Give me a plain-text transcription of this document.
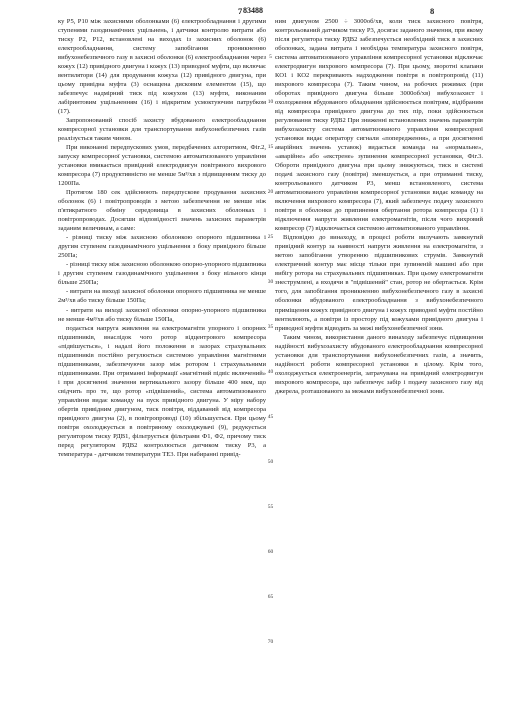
7 83488	8

ку Р5, Р10 між захисними оболонками (6) електрообладнання і другими ступенями газодинамічних ущільнень, і датчики контролю витрати або тиску Р2, Р12, встановлені на виходах із захисних оболонок (6) електрообладнання, систему запобігання проникненню вибухонебезпечного газу в захисні оболонки (6) електрообладнання через кожух (12) привідного двигуна і кожух (13) приводної муфти, що включає вентилятори (14) для продування кожуха (12) привідного двигуна, при цьому привідна муфта (3) оснащена дисковим елементом (15), що забезпечує надмірний тиск під кожухом (13) муфти, виконаним лабіринтовим ущільненням (16) і відкритим усмоктуючим патрубком (17).

Запропонований спосіб захисту вбудованого електрообладнання компресорної установки для транспортування вибухонебезпечних газів реалізується таким чином.

При виконанні передпускових умов, передбачених алгоритмом, Фіг.2, запуску компресорної установки, системою автоматизованого управління установки вмикається привідний електродвигун повітряного вихрового компресора (7) продуктивністю не менше 5м³/хв з підвищенням тиску до 1200Па.

Протягом 180 сек здійснюють передпускове продування захисних оболонок (6) і повітропроводів з метою забезпечення не менше ніж п'ятикратного обміну середовища в захисних оболонках і повітропроводах. Досягши відповідності значень захисних параметрів заданим величинам, а саме:

- різниці тиску між захисною оболонкою опорного підшипника і другим ступенем газодинамічного ущільнення з боку привідного більше 250Па;

- різниці тиску між захисною оболонкою опорно-упорного підшипника і другим ступенем газодинамічного ущільнення з боку вільного кінця більше 250Па;

- витрати на виході захисної оболонки опорного підшипника не менше 2м³/хв або тиску більше 150Па;

- витрати на виході захисної оболонки опорно-упорного підшипника не менше 4м³/хв або тиску більше 150Па,

подається напруга живлення на електромагніти упорного і опорних підшипників, внаслідок чого ротор відцентрового компресора «підвішується», і надалі його положення в зазорах страхувальних підшипників постійно регулюється системою управління магнітними підшипниками, забезпечуючи зазор між ротором і страхувальними підшипниками. При отриманні інформації «магнітний підвіс включений» і при досягненні значення вертикального зазору більше 400 мкм, що свідчить про те, що ротор «підвішений», система автоматизованого управління видає команду на пуск привідного двигуна. У міру набору обертів привідним двигуном, тиск повітря, віддаваний від компресора привідного двигуна (2), в повітропроводі (10) збільшується. При цьому повітря охолоджується в повітряному охолоджувачі (9), редукується регулятором тиску РДВ1, фільтрується фільтрами Ф1, Ф2, причому тиск перед регулятором РДВ2 контролюється датчиком тиску Р3, а температура - датчиком температури ТЕ3. При набиранні привід-

5
10
15
20
25
30
35
40
45
50
55
60
65
70

ним двигуном 2500 ÷ 3000об/хв, коли тиск захисного повітря, контрольований датчиком тиску Р3, досягає заданого значення, при якому після регулятора тиску РДВ2 забезпечується необхідний тиск в захисних оболонках, задана витрата і необхідна температура захисного повітря, система автоматизованого управління компресорної установки відключає електродвигун вихрового компресора (7). При цьому, зворотні клапани КО1 і КО2 перекривають надходження повітря в повітропровід (11) вихрового компресора (7). Таким чином, на робочих режимах (при оборотах привідного двигуна більше 3000об/хв) вибухозахист і охолодження вбудованого обладнання здійснюється повітрям, відібраним від компресора привідного двигуна до тих пір, поки здійснюється регулювання тиску РДВ2 При зниженні встановлених значень параметрів вибухозахисту система автоматизованого управління компресорної установки видає оператору сигнали «попередження», а при досягненні аварійних значень уставок) видається команда на «нормальне», «аварійне» або «екстрене» зупинення компресорної установки, Фіг.3. Обороти привідного двигуна при цьому знижуються, тиск в системі подачі захисного газу (повітря) зменшується, а при отриманні тиску, контрольованого датчиком Р3, менш встановленого, система автоматизованого управління компресорної установки видає команду на включення вихрового компресора (7), який забезпечує подачу захисного повітря в оболонки до припинення обертання ротора компресора (1) і відключення напруги живлення електромагнітів, після чого вихровий компресор (7) відключається системою автоматизованого управління.

Відповідно до винаходу, в процесі роботи вилучають замкнутий привідний контур за наявності напруги живлення на електромагніти, з метою запобігання утворенню підшипникових струмів. Замкнутий електричний контур має місце тільки при зупиненій машині або при вибігу ротора на страхувальних підшипниках. При цьому електромагніти знеструмлені, а входячи в "підвішений" стан, ротор не обертається. Крім того, для запобігання проникненню вибухонебезпечного газу в захисні оболонки вбудованого електрообладнання з вибухонебезпечного приміщення кожух привідного двигуна і кожух приводної муфти постійно вентилюють, а повітря із простору під кожухами привідного двигуна і приводної муфти відводять за межі вибухонебезпечної зони.

Таким чином, використання даного винаходу забезпечує підвищення надійності вибухозахисту вбудованого електрообладнання компресорної установки для транспортування вибухонебезпечних газів, а значить, надійності роботи компресорної установки в цілому. Крім того, охолоджується електроенергія, затрачувана на привідний електродвигун вихрового компресора, що забезпечує забір і подачу захисного газу від джерела, розташованого за межами вибухонебезпечної зони.
